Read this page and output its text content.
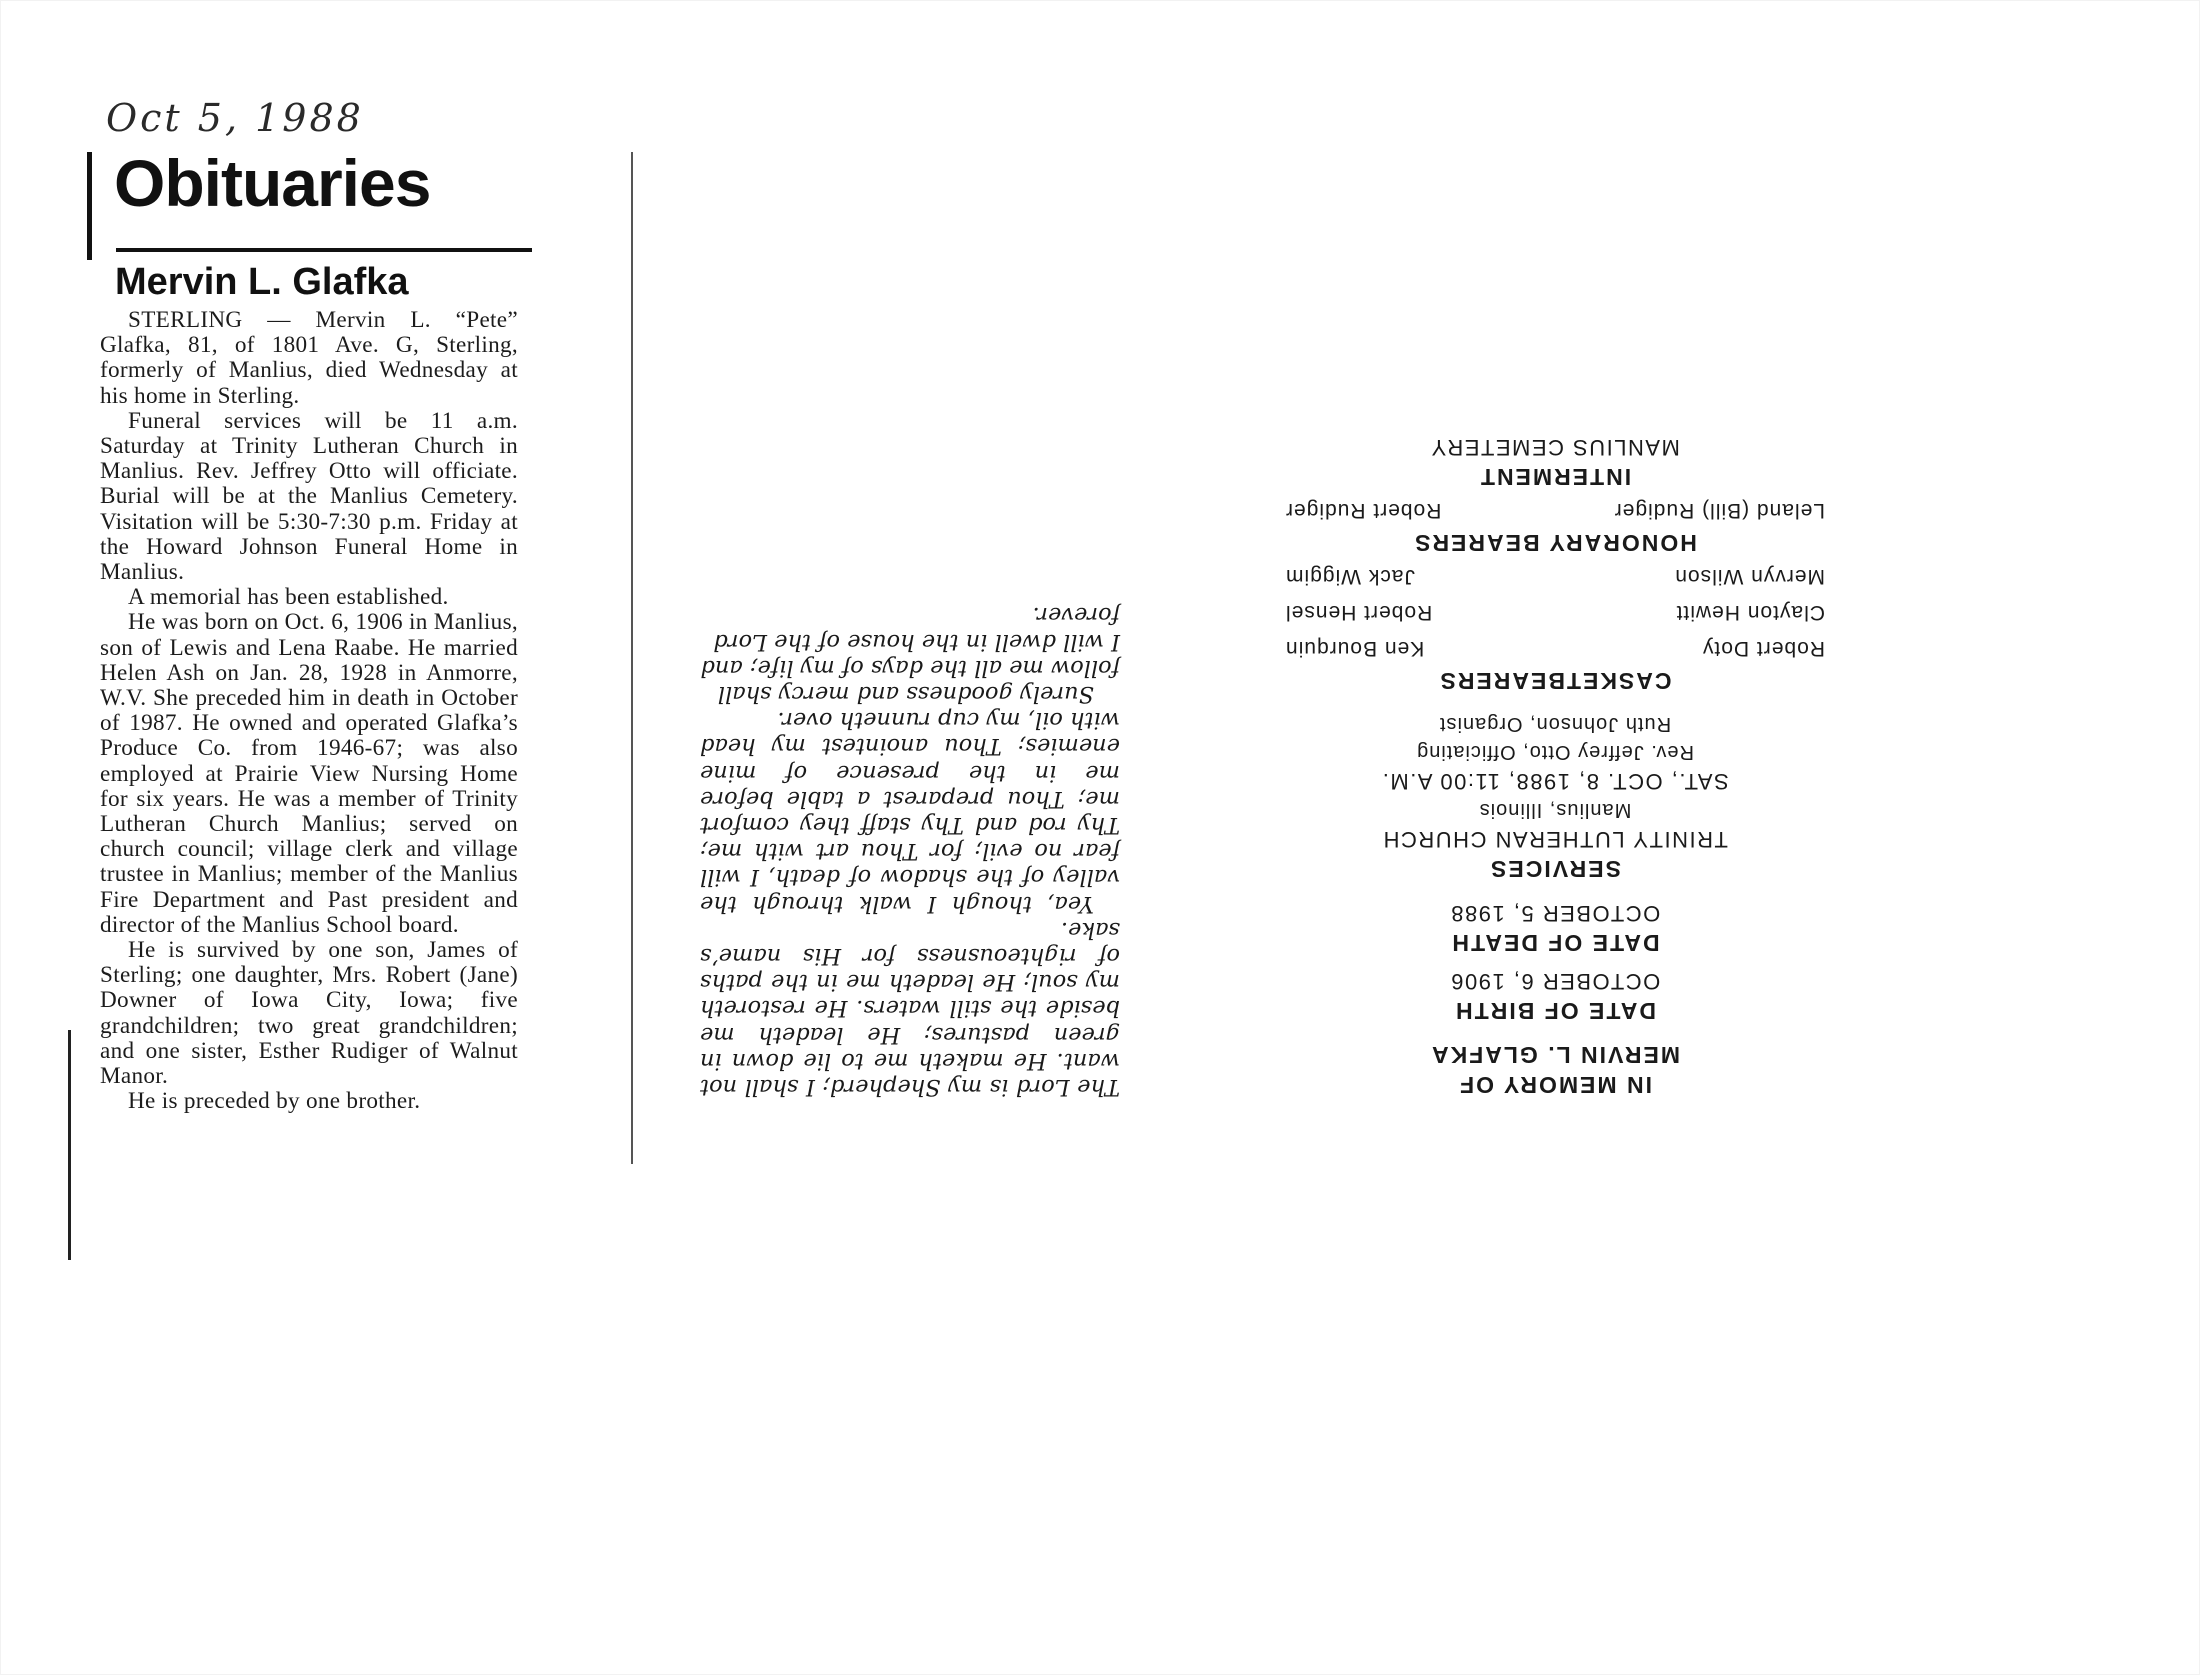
Oct 5, 1988
Obituaries
Mervin L. Glafka

STERLING — Mervin L. “Pete” Glafka, 81, of 1801 Ave. G, Sterling, formerly of Manlius, died Wednesday at his home in Sterling.

Funeral services will be 11 a.m. Saturday at Trinity Lutheran Church in Manlius. Rev. Jeffrey Otto will officiate. Burial will be at the Manlius Cemetery. Visitation will be 5:30-7:30 p.m. Friday at the Howard Johnson Funeral Home in Manlius.

A memorial has been established.

He was born on Oct. 6, 1906 in Manlius, son of Lewis and Lena Raabe. He married Helen Ash on Jan. 28, 1928 in Anmorre, W.V. She preceded him in death in October of 1987. He owned and operated Glafka’s Produce Co. from 1946-67; was also employed at Prairie View Nursing Home for six years. He was a member of Trinity Lutheran Church Manlius; served on church council; village clerk and village trustee in Manlius; member of the Manlius Fire Department and Past president and director of the Manlius School board.

He is survived by one son, James of Sterling; one daughter, Mrs. Robert (Jane) Downer of Iowa City, Iowa; five grandchildren; two great grandchildren; and one sister, Esther Rudiger of Walnut Manor.

He is preceded by one brother.

IN MEMORY OF
MERVIN L. GLAFKA
DATE OF BIRTH
OCTOBER 6, 1906
DATE OF DEATH
OCTOBER 5, 1988
SERVICES
TRINITY LUTHERAN CHURCH
Manlius, Illinois
SAT., OCT. 8, 1988, 11:00 A.M.
Rev. Jeffrey Otto, Officiating
Ruth Johnson, Organist
CASKETBEARERS
Robert Doty
Ken Bourquin
Clayton Hewitt
Robert Hensel
Mervyn Wilson
Jack Wiggim
HONORARY BEARERS
Leland (Bill) Rudiger
Robert Rudiger
INTERMENT
MANLIUS CEMETERY

The Lord is my Shepherd; I shall not want. He maketh me to lie down in green pastures; He leadeth me beside the still waters. He restoreth my soul; He leadeth me in the paths of righteousness for His name’s sake.

Yea, though I walk through the valley of the shadow of death, I will fear no evil; for Thou art with me; Thy rod and Thy staff they comfort me; Thou preparest a table before me in the presence of mine enemies; Thou anointest my head with oil, my cup runneth over.

Surely goodness and mercy shall follow me all the days of my life; and I will dwell in the house of the Lord forever.
